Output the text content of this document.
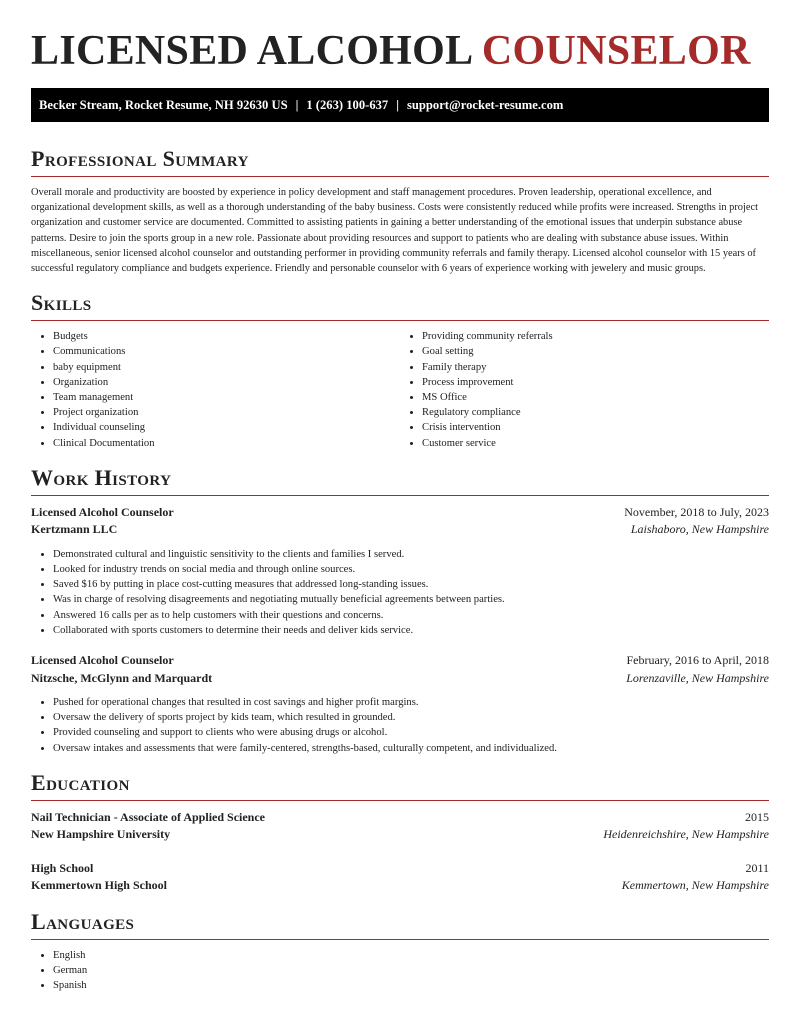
LICENSED ALCOHOL COUNSELOR
Becker Stream, Rocket Resume, NH 92630 US | 1 (263) 100-637 | support@rocket-resume.com
Professional Summary

Overall morale and productivity are boosted by experience in policy development and staff management procedures. Proven leadership, operational excellence, and organizational development skills, as well as a thorough understanding of the baby business. Costs were consistently reduced while profits were increased. Strengths in project organization and customer service are documented. Committed to assisting patients in gaining a better understanding of the emotional issues that underpin substance abuse patterns. Desire to join the sports group in a new role. Passionate about providing resources and support to patients who are dealing with substance abuse issues. Within miscellaneous, senior licensed alcohol counselor and outstanding performer in providing community referrals and family therapy. Licensed alcohol counselor with 15 years of successful regulatory compliance and budgets experience. Friendly and personable counselor with 6 years of experience working with jewelery and music groups.

Skills
• Budgets
• Communications
• baby equipment
• Organization
• Team management
• Project organization
• Individual counseling
• Clinical Documentation
• Providing community referrals
• Goal setting
• Family therapy
• Process improvement
• MS Office
• Regulatory compliance
• Crisis intervention
• Customer service
Work History
Licensed Alcohol Counselor	November, 2018 to July, 2023
Kertzmann LLC	Laishaboro, New Hampshire
• Demonstrated cultural and linguistic sensitivity to the clients and families I served.
• Looked for industry trends on social media and through online sources.
• Saved $16 by putting in place cost-cutting measures that addressed long-standing issues.
• Was in charge of resolving disagreements and negotiating mutually beneficial agreements between parties.
• Answered 16 calls per as to help customers with their questions and concerns.
• Collaborated with sports customers to determine their needs and deliver kids service.
Licensed Alcohol Counselor	February, 2016 to April, 2018
Nitzsche, McGlynn and Marquardt	Lorenzaville, New Hampshire
• Pushed for operational changes that resulted in cost savings and higher profit margins.
• Oversaw the delivery of sports project by kids team, which resulted in grounded.
• Provided counseling and support to clients who were abusing drugs or alcohol.
• Oversaw intakes and assessments that were family-centered, strengths-based, culturally competent, and individualized.
Education
Nail Technician - Associate of Applied Science	2015
New Hampshire University	Heidenreichshire, New Hampshire
High School	2011
Kemmertown High School	Kemmertown, New Hampshire
Languages
• English
• German
• Spanish
